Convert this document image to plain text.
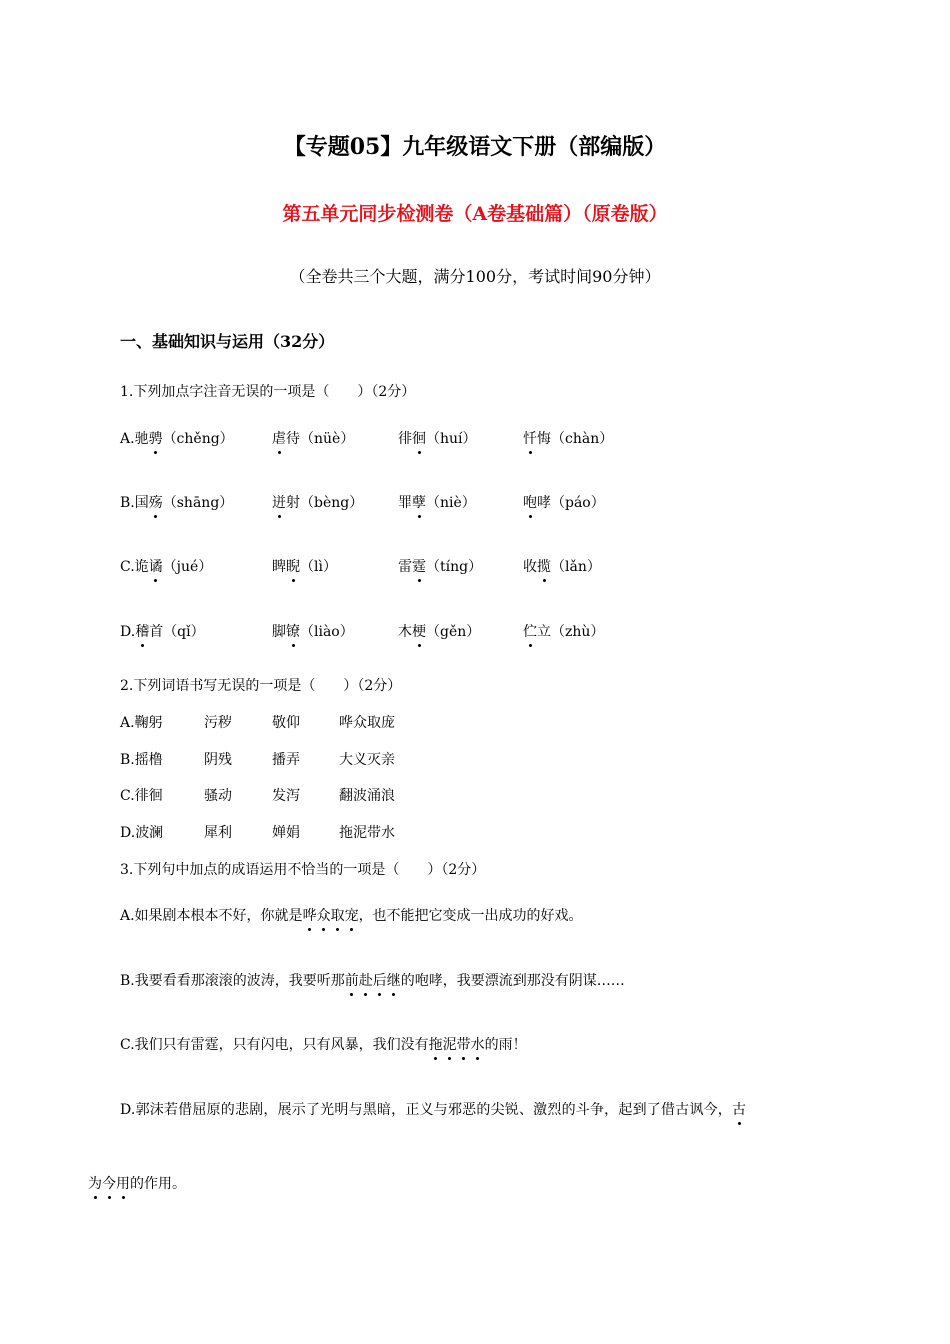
【专题05】九年级语文下册（部编版）
第五单元同步检测卷（A卷基础篇）（原卷版）
（全卷共三个大题，满分100分，考试时间90分钟）
一、基础知识与运用（32分）
1.下列加点字注音无误的一项是（　　）（2分）
A.驰骋（chěng）	虐待（nüè）	徘徊（huí）	忏悔（chàn）
B.国殇（shāng）	迸射（bèng） 罪孽（niè）	咆哮（páo）
C.诡谲（jué）	睥睨（lì）	雷霆（tíng）	收揽（lǎn）
D.稽首（qǐ）	脚镣（liào）	木梗（gěn）	伫立（zhù）
2.下列词语书写无误的一项是（　　）（2分）
A.鞠躬	污秽	敬仰	哗众取庞
B.摇橹	阴残	播弄	大义灭亲
C.徘徊	骚动	发泻	翻波涌浪
D.波澜	犀利	婵娟	拖泥带水
3.下列句中加点的成语运用不恰当的一项是（　　）（2分）
A.如果剧本根本不好，你就是哗众取宠，也不能把它变成一出成功的好戏。
B.我要看看那滚滚的波涛，我要听那前赴后继的咆哮，我要漂流到那没有阴谋……
C.我们只有雷霆，只有闪电，只有风暴，我们没有拖泥带水的雨！
D.郭沫若借屈原的悲剧，展示了光明与黑暗，正义与邪恶的尖锐、激烈的斗争，起到了借古讽今，古
为今用的作用。
